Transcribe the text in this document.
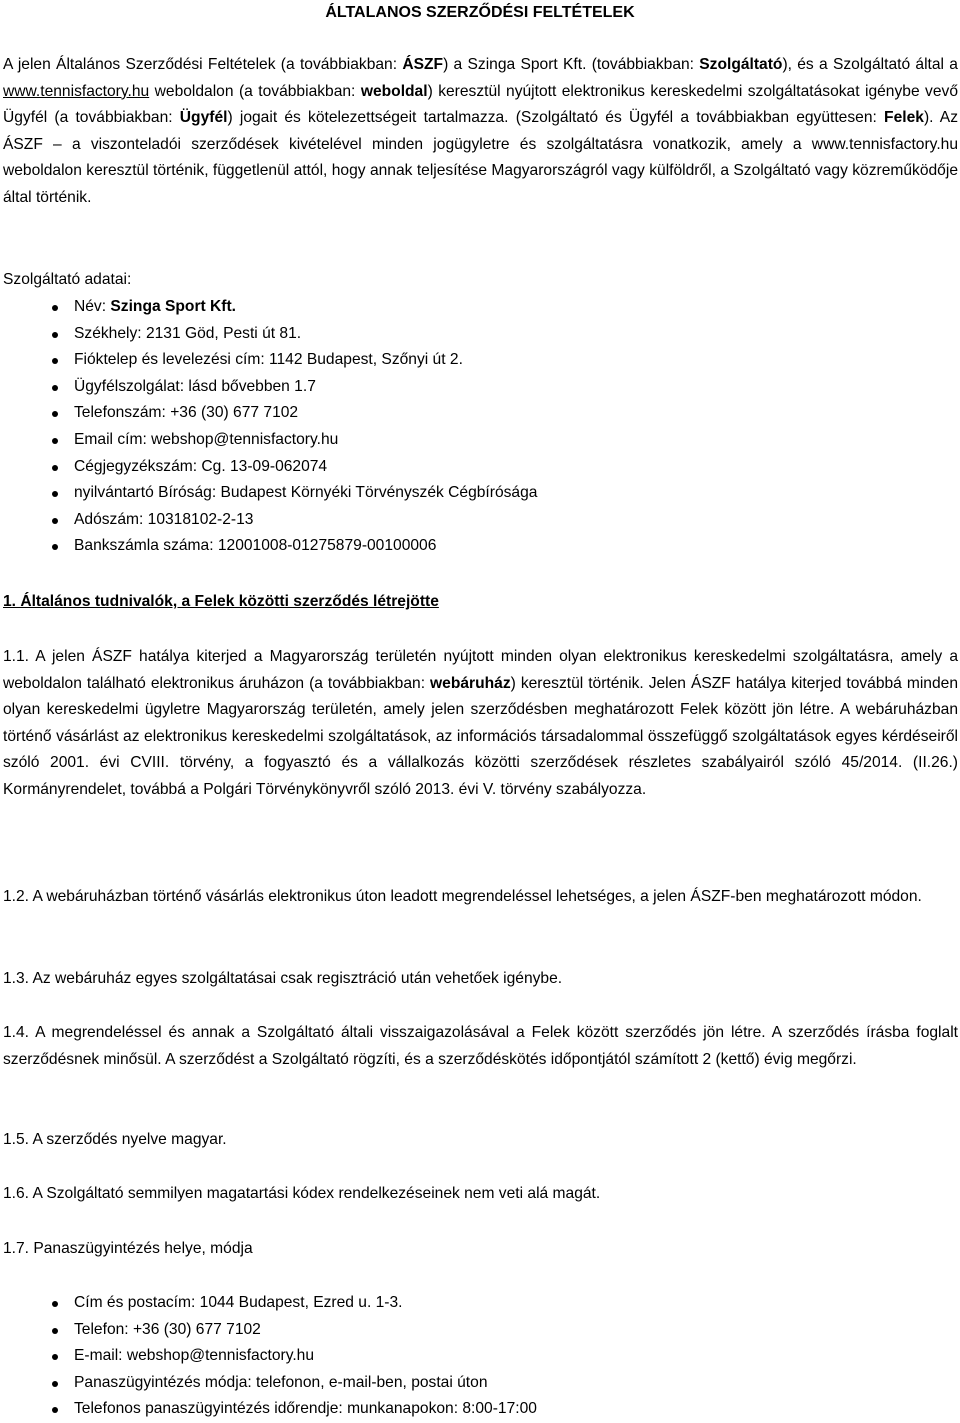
ÁLTALANOS SZERZŐDÉSI FELTÉTELEK

A jelen Általános Szerződési Feltételek (a továbbiakban: ÁSZF) a Szinga Sport Kft. (továbbiakban: Szolgáltató), és a Szolgáltató által a www.tennisfactory.hu weboldalon (a továbbiakban: weboldal) keresztül nyújtott elektronikus kereskedelmi szolgáltatásokat igénybe vevő Ügyfél (a továbbiakban: Ügyfél) jogait és kötelezettségeit tartalmazza. (Szolgáltató és Ügyfél a továbbiakban együttesen: Felek). Az ÁSZF – a viszonteladói szerződések kivételével minden jogügyletre és szolgáltatásra vonatkozik, amely a www.tennisfactory.hu weboldalon keresztül történik, függetlenül attól, hogy annak teljesítése Magyarországról vagy külföldről, a Szolgáltató vagy közreműködője által történik.

Szolgáltató adatai:

Név: Szinga Sport Kft.
Székhely: 2131 Göd, Pesti út 81.
Fióktelep és levelezési cím: 1142 Budapest, Szőnyi út 2.
Ügyfélszolgálat: lásd bővebben 1.7
Telefonszám: +36 (30) 677 7102
Email cím: webshop@tennisfactory.hu
Cégjegyzékszám: Cg. 13-09-062074
nyilvántartó Bíróság: Budapest Környéki Törvényszék Cégbírósága
Adószám: 10318102-2-13
Bankszámla száma: 12001008-01275879-00100006

1. Általános tudnivalók, a Felek közötti szerződés létrejötte

1.1. A jelen ÁSZF hatálya kiterjed a Magyarország területén nyújtott minden olyan elektronikus kereskedelmi szolgáltatásra, amely a weboldalon található elektronikus áruházon (a továbbiakban: webáruház) keresztül történik. Jelen ÁSZF hatálya kiterjed továbbá minden olyan kereskedelmi ügyletre Magyarország területén, amely jelen szerződésben meghatározott Felek között jön létre. A webáruházban történő vásárlást az elektronikus kereskedelmi szolgáltatások, az információs társadalommal összefüggő szolgáltatások egyes kérdéseiről szóló 2001. évi CVIII. törvény, a fogyasztó és a vállalkozás közötti szerződések részletes szabályairól szóló 45/2014. (II.26.) Kormányrendelet, továbbá a Polgári Törvénykönyvről szóló 2013. évi V. törvény szabályozza.

1.2. A webáruházban történő vásárlás elektronikus úton leadott megrendeléssel lehetséges, a jelen ÁSZF-ben meghatározott módon.

1.3. Az webáruház egyes szolgáltatásai csak regisztráció után vehetőek igénybe.

1.4. A megrendeléssel és annak a Szolgáltató általi visszaigazolásával a Felek között szerződés jön létre. A szerződés írásba foglalt szerződésnek minősül. A szerződést a Szolgáltató rögzíti, és a szerződéskötés időpontjától számított 2 (kettő) évig megőrzi.

1.5. A szerződés nyelve magyar.

1.6. A Szolgáltató semmilyen magatartási kódex rendelkezéseinek nem veti alá magát.

1.7. Panaszügyintézés helye, módja

Cím és postacím: 1044 Budapest, Ezred u. 1-3.
Telefon: +36 (30) 677 7102
E-mail: webshop@tennisfactory.hu
Panaszügyintézés módja: telefonon, e-mail-ben, postai úton
Telefonos panaszügyintézés időrendje: munkanapokon: 8:00-17:00
